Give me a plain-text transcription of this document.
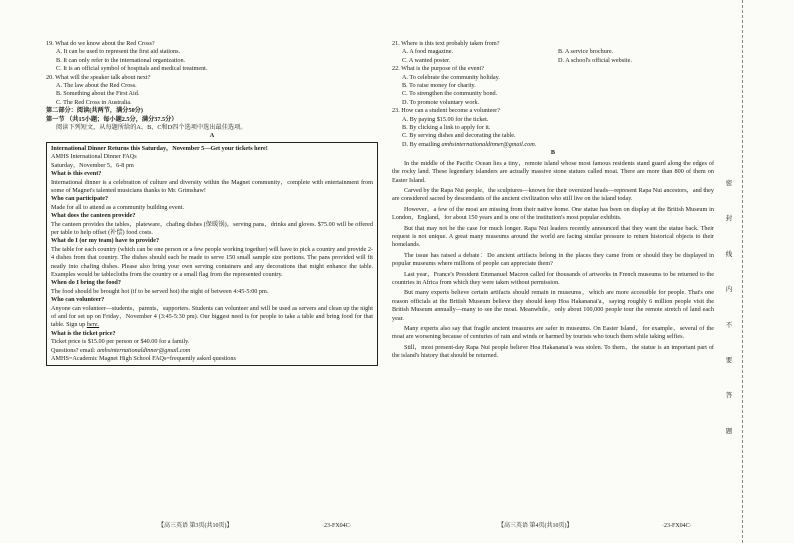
19. What do we know about the Red Cross?

A. It can be used to represent the first aid stations.

B. It can only refer to the international organization.

C. It is an official symbol of hospitals and medical treatment.

20. What will the speaker talk about next?

A. The law about the Red Cross.

B. Something about the First Aid.

C. The Red Cross in Australia.

第二部分：阅读(共两节，满分50分)

第一节 （共15小题；每小题2.5分，满分37.5分）

阅读下列短文，从每题所给的A、B、C和D四个选项中选出最佳选项。

A

International Dinner Returns this Saturday，November 5—Get your tickets here!

AMHS International Dinner FAQs

Saturday，November 5，6-8 pm

What is this event?

International dinner is a celebration of culture and diversity within the Magnet community，complete with entertainment from some of Magnet's talented musicians thanks to Mr. Grimshaw!

Who can participate?

Made for all to attend as a community building event.

What does the canteen provide?

The canteen provides the tables，plateware，chafing dishes (保暖锅)，serving pans，drinks and gloves. $75.00 will be offered per table to help offset (补偿) food costs.

What do I (or my team) have to provide?

The table for each country (which can be one person or a few people working together) will have to pick a country and provide 2-4 dishes from that country. The dishes should each be made to serve 150 small sample size portions. The pans provided will fit neatly into chafing dishes. Please also bring your own serving containers and any decorations that might enhance the table. Examples would be tablecloths from the country or a small flag from the represented country.

When do I bring the food?

The food should be brought hot (if to be served hot) the night of between 4:45-5:00 pm.

Who can volunteer?

Anyone can volunteer—students，parents，supporters. Students can volunteer and will be used as servers and clean up the night of and for set up on Friday，November 4 (3:45-5:30 pm). Our biggest need is for people to take a table and bring food for that table. Sign up here.

What is the ticket price?

Ticket price is $15.00 per person or $40.00 for a family.

Questions? email: amhsinternationaldinner@gmail.com

AMHS=Academic Magnet High School FAQs=frequently asked questions

21. Where is this text probably taken from?

A. A food magazine.	B. A service brochure.
C. A wanted poster.	D. A school's official website.

22. What is the purpose of the event?

A. To celebrate the community holiday.

B. To raise money for charity.

C. To strengthen the community bond.

D. To promote voluntary work.

23. How can a student become a volunteer?

A. By paying $15.00 for the ticket.

B. By clicking a link to apply for it.

C. By serving dishes and decorating the table.

D. By emailing amhsinternationaldinner@gmail.com.

B

In the middle of the Pacific Ocean lies a tiny，remote island whose most famous residents stand guard along the edges of the rocky land. These legendary islanders are actually massive stone statues called moai. There are more than 800 of them on Easter Island.

Carved by the Rapa Nui people，the sculptures—known for their oversized heads—represent Rapa Nui ancestors，and they are considered sacred by descendants of the ancient civilization who still live on the island today.

However，a few of the moai are missing from their native home. One statue has been on display at the British Museum in London，England，for about 150 years and is one of the institution's most popular exhibits.

But that may not be the case for much longer. Rapa Nui leaders recently announced that they want the statue back. Their request is not unique. A great many museums around the world are facing similar pressure to return historical objects to their homelands.

The issue has raised a debate：Do ancient artifacts belong in the places they came from or should they be displayed in popular museums where millions of people can appreciate them?

Last year，France's President Emmanuel Macron called for thousands of artworks in French museums to be returned to the countries in Africa from which they were taken without permission.

But many experts believe certain artifacts should remain in museums，which are more accessible for people. That's one reason officials at the British Museum believe they should keep Hoa Hakananai'a，saying roughly 6 million people visit the British Museum annually—many to see the moai. Meanwhile，only about 100,000 people tour the remote stretch of land each year.

Many experts also say that fragile ancient treasures are safer in museums. On Easter Island，for example，several of the moai are worsening because of centuries of rain and winds or harmed by tourists who touch them while taking selfies.

Still，most present-day Rapa Nui people believe Hoa Hakananai'a was stolen. To them，the statue is an important part of the island's history that should be returned.

【高三英语 第3页(共10页)】	·23-FX04C·	【高三英语 第4页(共10页)】	·23-FX04C·
密
封
线
内
不
要
答
题
